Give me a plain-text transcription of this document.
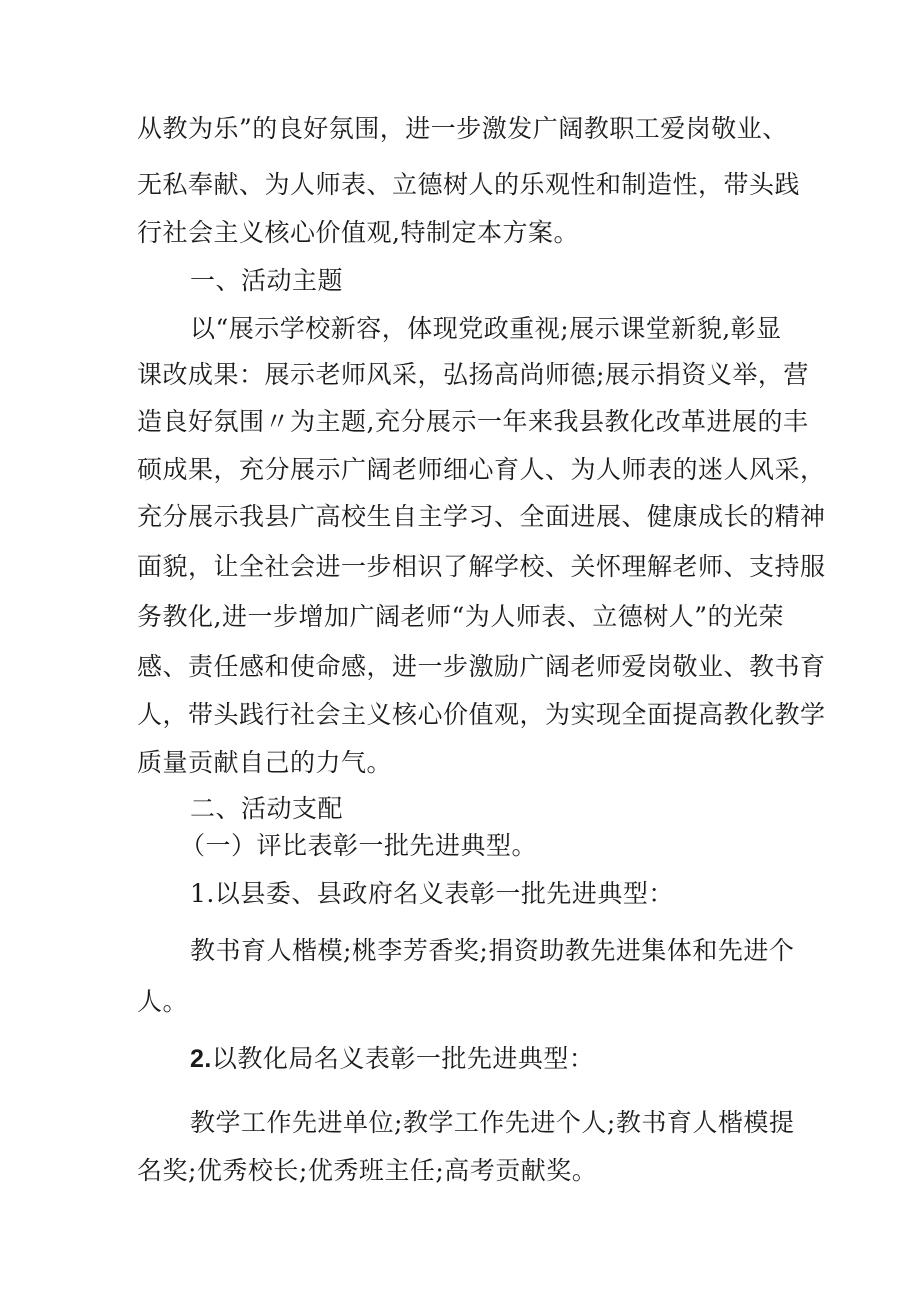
从教为乐”的良好氛围，进一步激发广阔教职工爱岗敬业、
无私奉献、为人师表、立德树人的乐观性和制造性，带头践
行社会主义核心价值观,特制定本方案。
一、活动主题
以“展示学校新容，体现党政重视;展示课堂新貌,彰显
课改成果：展示老师风采，弘扬高尚师德;展示捐资义举，营
造良好氛围〃为主题,充分展示一年来我县教化改革进展的丰
硕成果，充分展示广阔老师细心育人、为人师表的迷人风采，
充分展示我县广高校生自主学习、全面进展、健康成长的精神
面貌，让全社会进一步相识了解学校、关怀理解老师、支持服
务教化,进一步增加广阔老师“为人师表、立德树人”的光荣
感、责任感和使命感，进一步激励广阔老师爱岗敬业、教书育
人，带头践行社会主义核心价值观，为实现全面提高教化教学
质量贡献自己的力气。
二、活动支配
（一）评比表彰一批先进典型。
1.以县委、县政府名义表彰一批先进典型：
教书育人楷模;桃李芳香奖;捐资助教先进集体和先进个
人。
2.以教化局名义表彰一批先进典型：
教学工作先进单位;教学工作先进个人;教书育人楷模提
名奖;优秀校长;优秀班主任;高考贡献奖。
